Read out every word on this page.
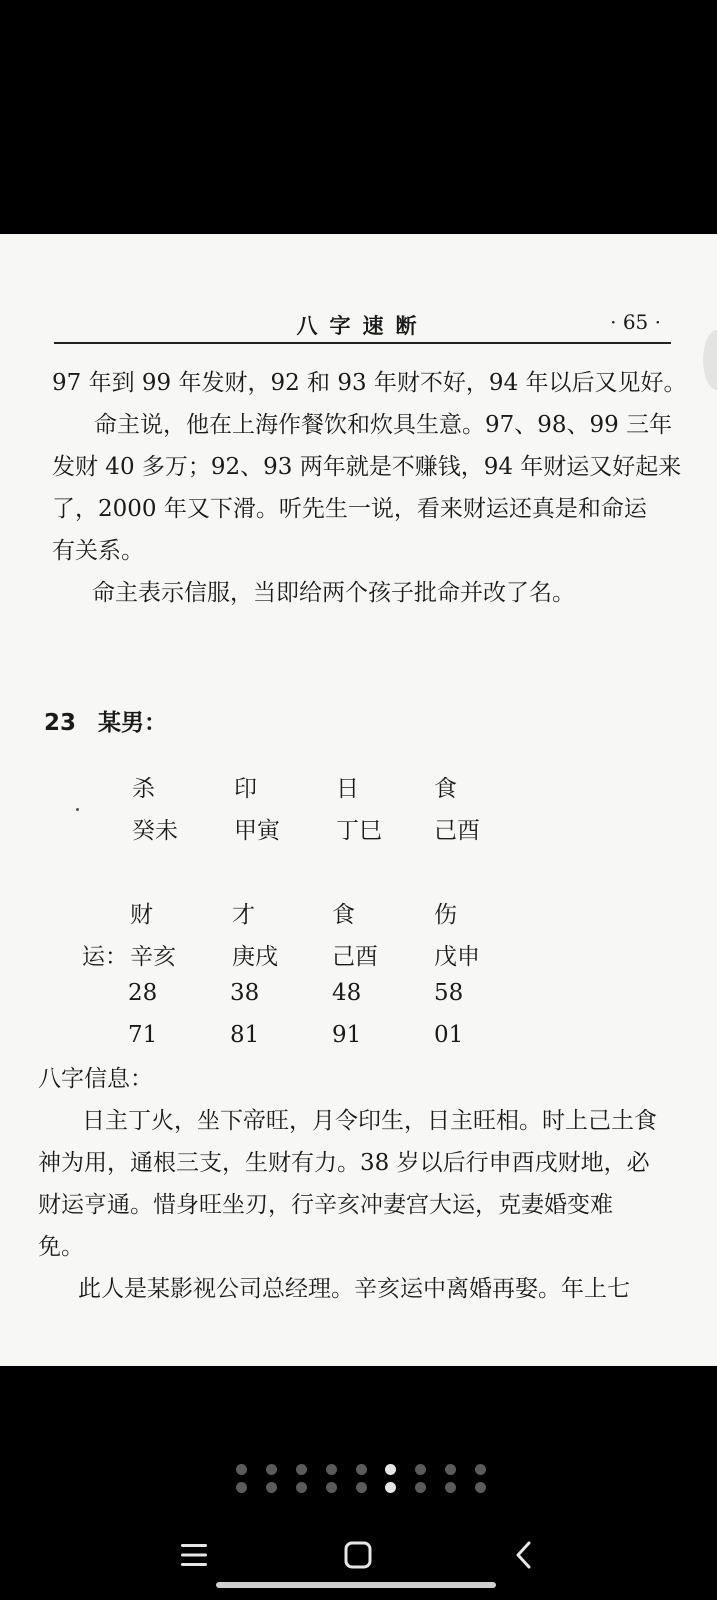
八字速断	· 65 ·

97 年到 99 年发财，92 和 93 年财不好，94 年以后又见好。

命主说，他在上海作餐饮和炊具生意。97、98、99 三年

发财 40 多万；92、93 两年就是不赚钱，94 年财运又好起来

了，2000 年又下滑。听先生一说，看来财运还真是和命运

有关系。

命主表示信服，当即给两个孩子批命并改了名。

23 某男：
杀	印	日	食
癸未 甲寅 丁巳 己酉
财	才	食	伤
运： 辛亥 庚戌 己酉 戊申
28	38	48	58
71	81	91	01

八字信息：

日主丁火，坐下帝旺，月令印生，日主旺相。时上己土食

神为用，通根三支，生财有力。38 岁以后行申酉戌财地，必

财运亨通。惜身旺坐刃，行辛亥冲妻宫大运，克妻婚变难

免。

此人是某影视公司总经理。辛亥运中离婚再娶。年上七
